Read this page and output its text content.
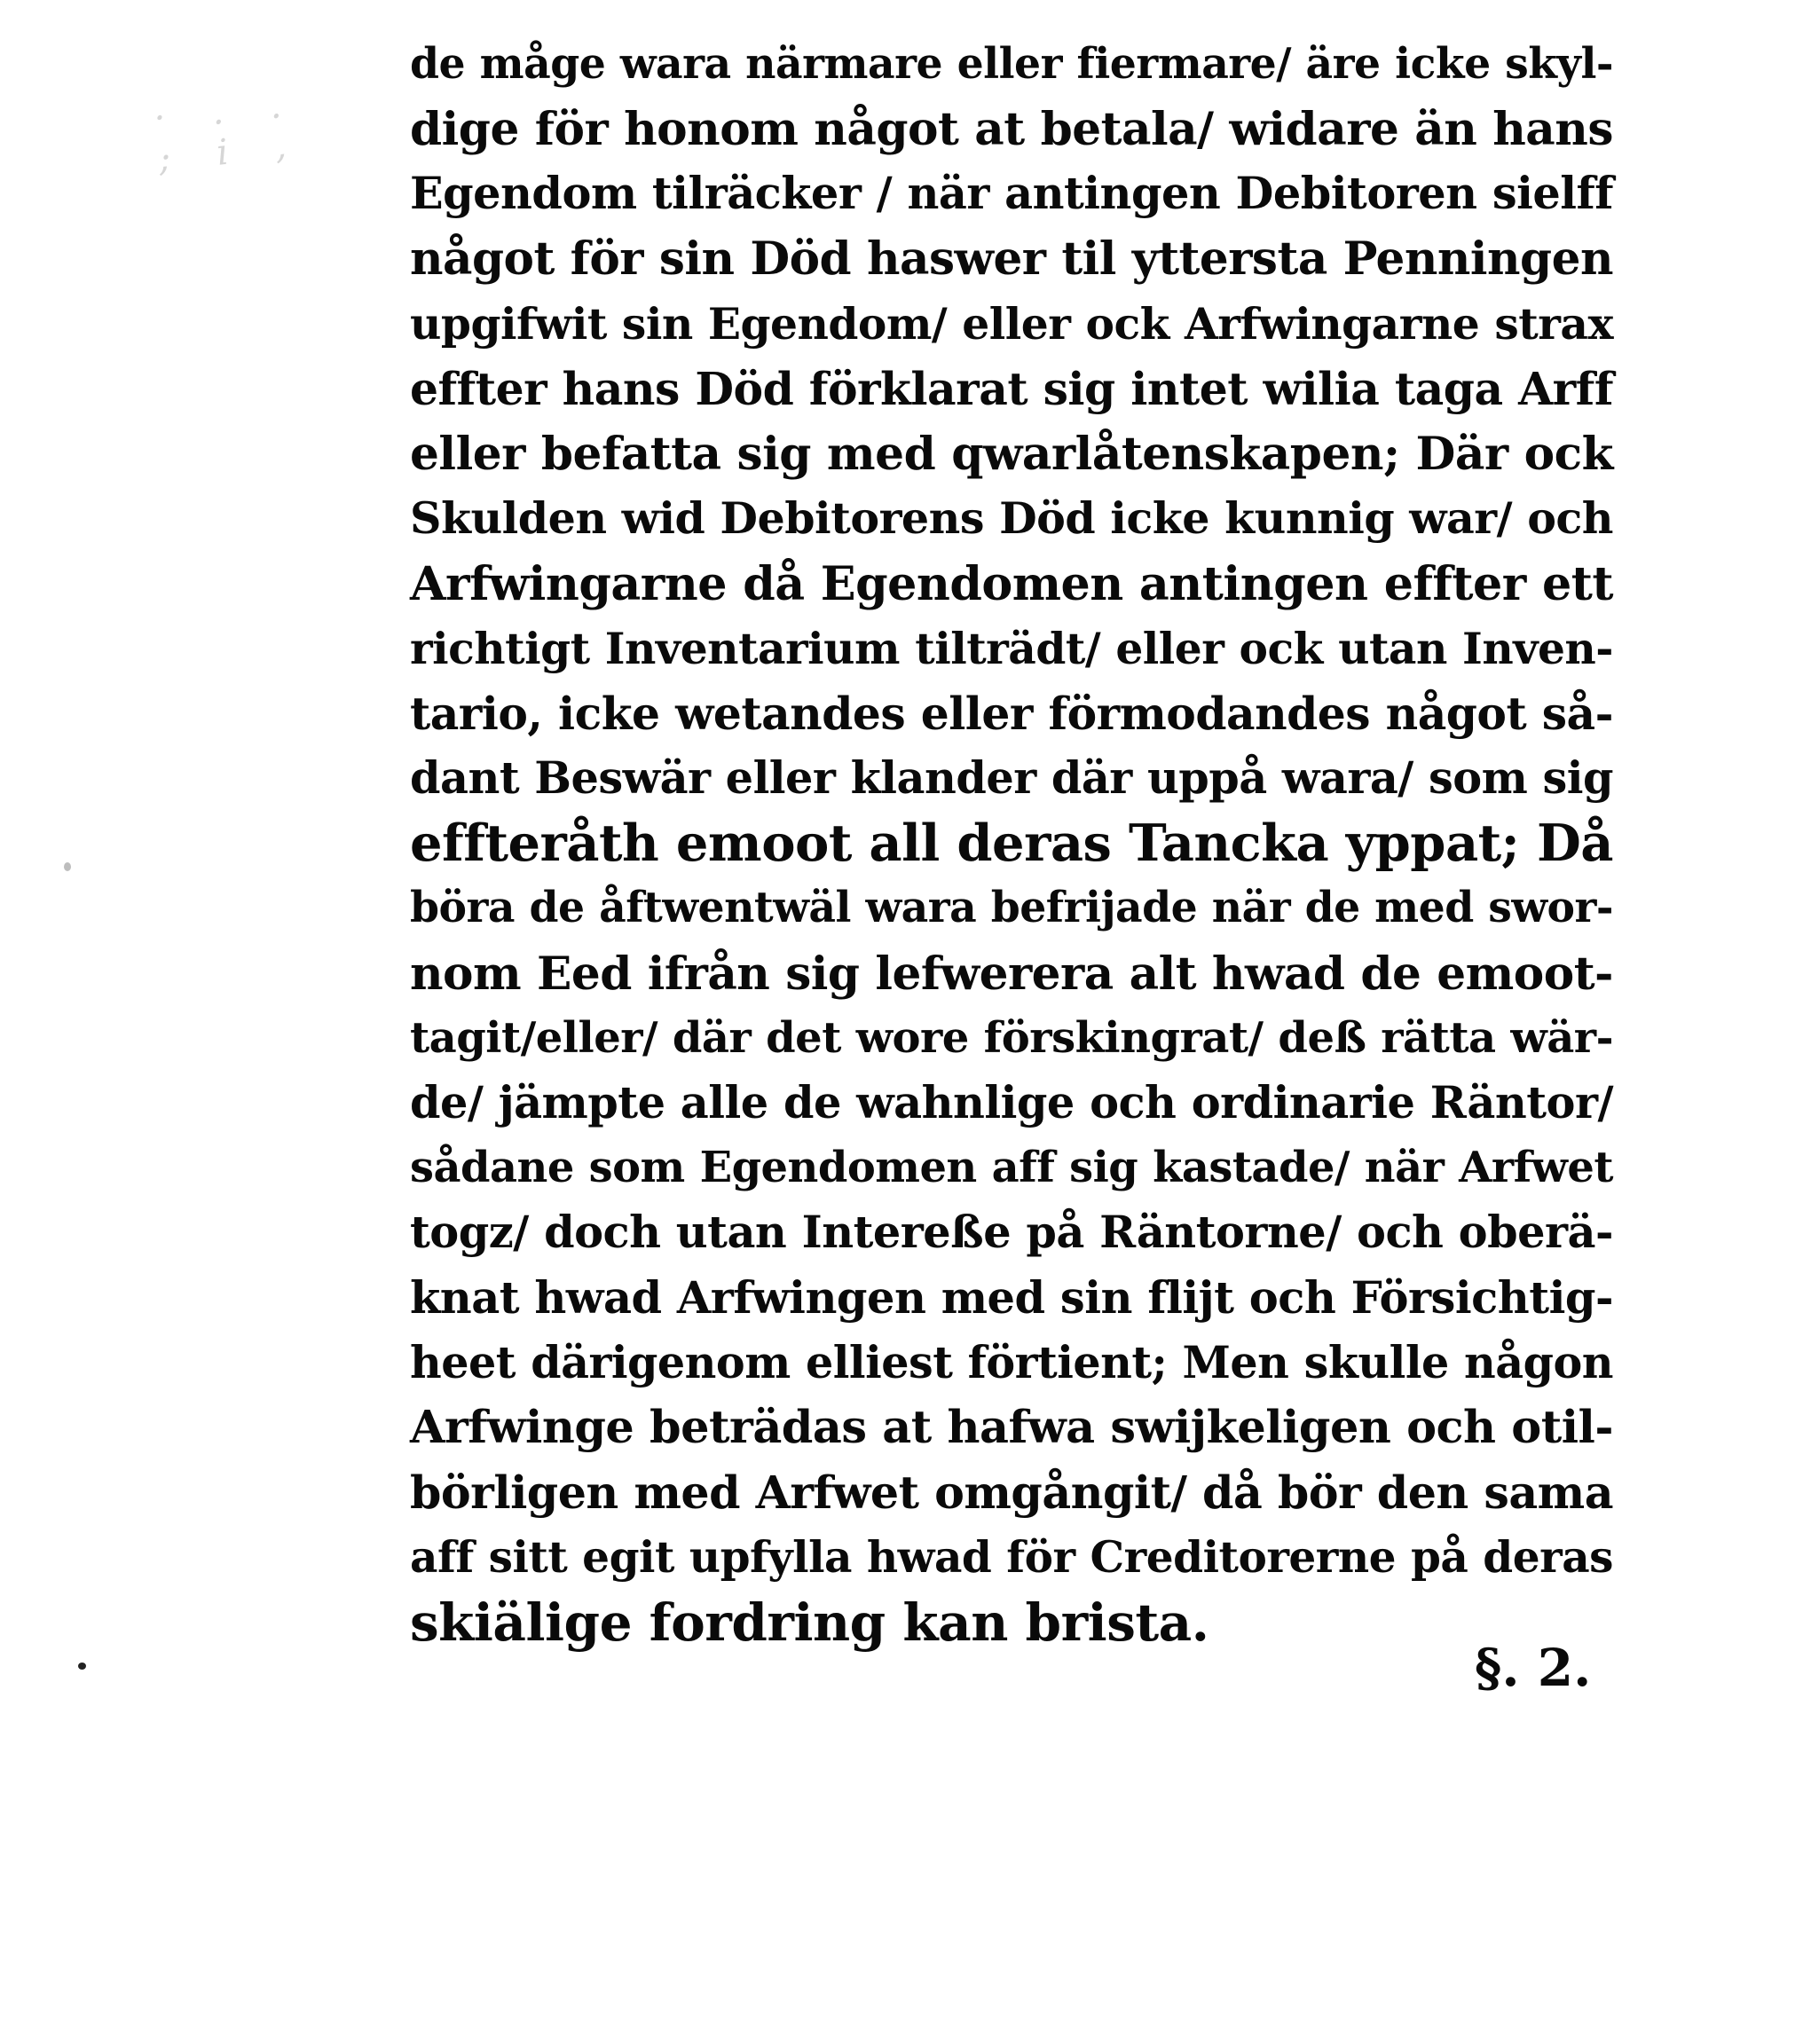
· . . ; i ,
de måge wara närmare eller fiermare/ äre icke skyl-
dige för honom något at betala/ widare än hans
Egendom tilräcker / när antingen Debitoren sielff
något för sin Död haswer til yttersta Penningen
upgifwit sin Egendom/ eller ock Arfwingarne strax
effter hans Död förklarat sig intet wilia taga Arff
eller befatta sig med qwarlåtenskapen; Där ock
Skulden wid Debitorens Död icke kunnig war/ och
Arfwingarne då Egendomen antingen effter ett
richtigt Inventarium tilträdt/ eller ock utan Inven-
tario, icke wetandes eller förmodandes något så-
dant Beswär eller klander där uppå wara/ som sig
effteråth emoot all deras Tancka yppat; Då
böra de åftwentwäl wara befrijade när de med swor-
nom Eed ifrån sig lefwerera alt hwad de emoot-
tagit/eller/ där det wore förskingrat/ deß rätta wär-
de/ jämpte alle de wahnlige och ordinarie Räntor/
sådane som Egendomen aff sig kastade/ när Arfwet
togz/ doch utan Intereße på Räntorne/ och oberä-
knat hwad Arfwingen med sin flijt och Försichtig-
heet därigenom elliest förtient; Men skulle någon
Arfwinge beträdas at hafwa swijkeligen och otil-
börligen med Arfwet omgångit/ då bör den sama
aff sitt egit upfylla hwad för Creditorerne på deras
skiälige fordring kan brista.
§. 2.
